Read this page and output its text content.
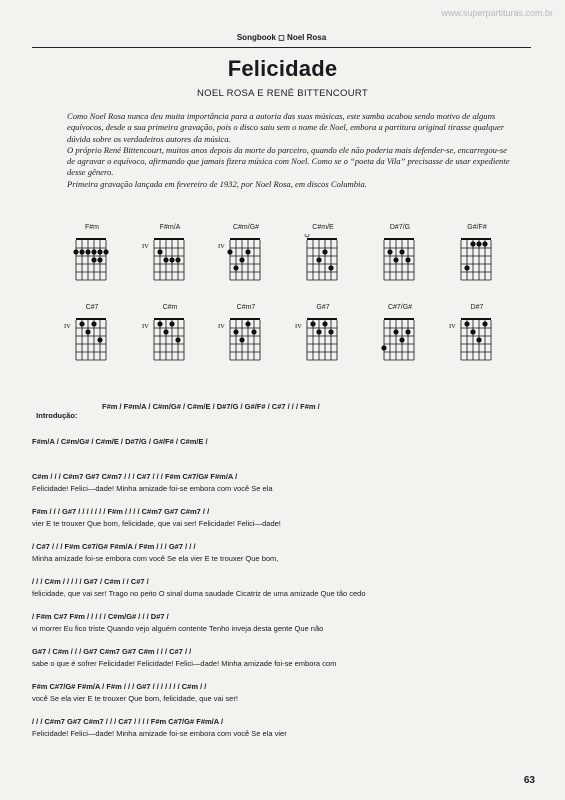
www.superpartituras.com.br
Songbook ◻ Noel Rosa
Felicidade
NOEL ROSA E RENÉ BITTENCOURT

Como Noel Rosa nunca deu muita importância para a autoria das suas músicas, este samba acabou sendo motivo de alguns equívocos, desde a sua primeira gravação, pois o disco saiu sem o nome de Noel, embora a partitura original tirasse qualquer dúvida sobre os verdadeiros autores da música.

O próprio René Bittencourt, muitos anos depois da morte do parceiro, quando ele não poderia mais defender-se, encarregou-se de agravar o equívoco, afirmando que jamais fizera música com Noel. Como se o “poeta da Vila” precisasse de usar expediente desse gênero.

Primeira gravação lançada em fevereiro de 1932, por Noel Rosa, em discos Columbia.

F#m	F#m/A
IV
C#m/G#
IV
C#m/E	D#7/G	G#/F#
C#7
IV
C#m
IV
C#m7
IV
G#7
IV
C#7/G#	D#7
IV

Introdução:

F#m / F#m/A / C#m/G# / C#m/E / D#7/G / G#/F# / C#7 / / / F#m /

F#m/A / C#m/G# / C#m/E / D#7/G / G#/F# / C#m/E /

C#m / / / C#m7 G#7 C#m7 / / / C#7 / / / F#m C#7/G# F#m/A /
Felicidade! Felici—dade! Minha amizade foi-se embora com você Se ela
F#m / / / G#7 / / / / / / / F#m / / / / C#m7 G#7 C#m7 / /
vier E te trouxer Que bom, felicidade, que vai ser! Felicidade! Felici—dade!
/ C#7 / / / F#m C#7/G# F#m/A / F#m / / / G#7 / / /
Minha amizade foi-se embora com você Se ela vier E te trouxer Que bom,
/ / / C#m / / / / / G#7 / C#m / / C#7 /
felicidade, que vai ser! Trago no peito O sinal duma saudade Cicatriz de uma amizade Que tão cedo
/ F#m C#7 F#m / / / / / C#m/G# / / / D#7 /
vi morrer Eu fico triste Quando vejo alguém contente Tenho inveja desta gente Que não
G#7 / C#m / / / G#7 C#m7 G#7 C#m / / / C#7 / /
sabe o que é sofrer Felicidade! Felicidade! Felici—dade! Minha amizade foi-se embora com
F#m C#7/G# F#m/A / F#m / / / G#7 / / / / / / / C#m / /
você Se ela vier E te trouxer Que bom, felicidade, que vai ser!
/ / / C#m7 G#7 C#m7 / / / C#7 / / / / F#m C#7/G# F#m/A /
Felicidade! Felici—dade! Minha amizade foi-se embora com você Se ela vier
63
